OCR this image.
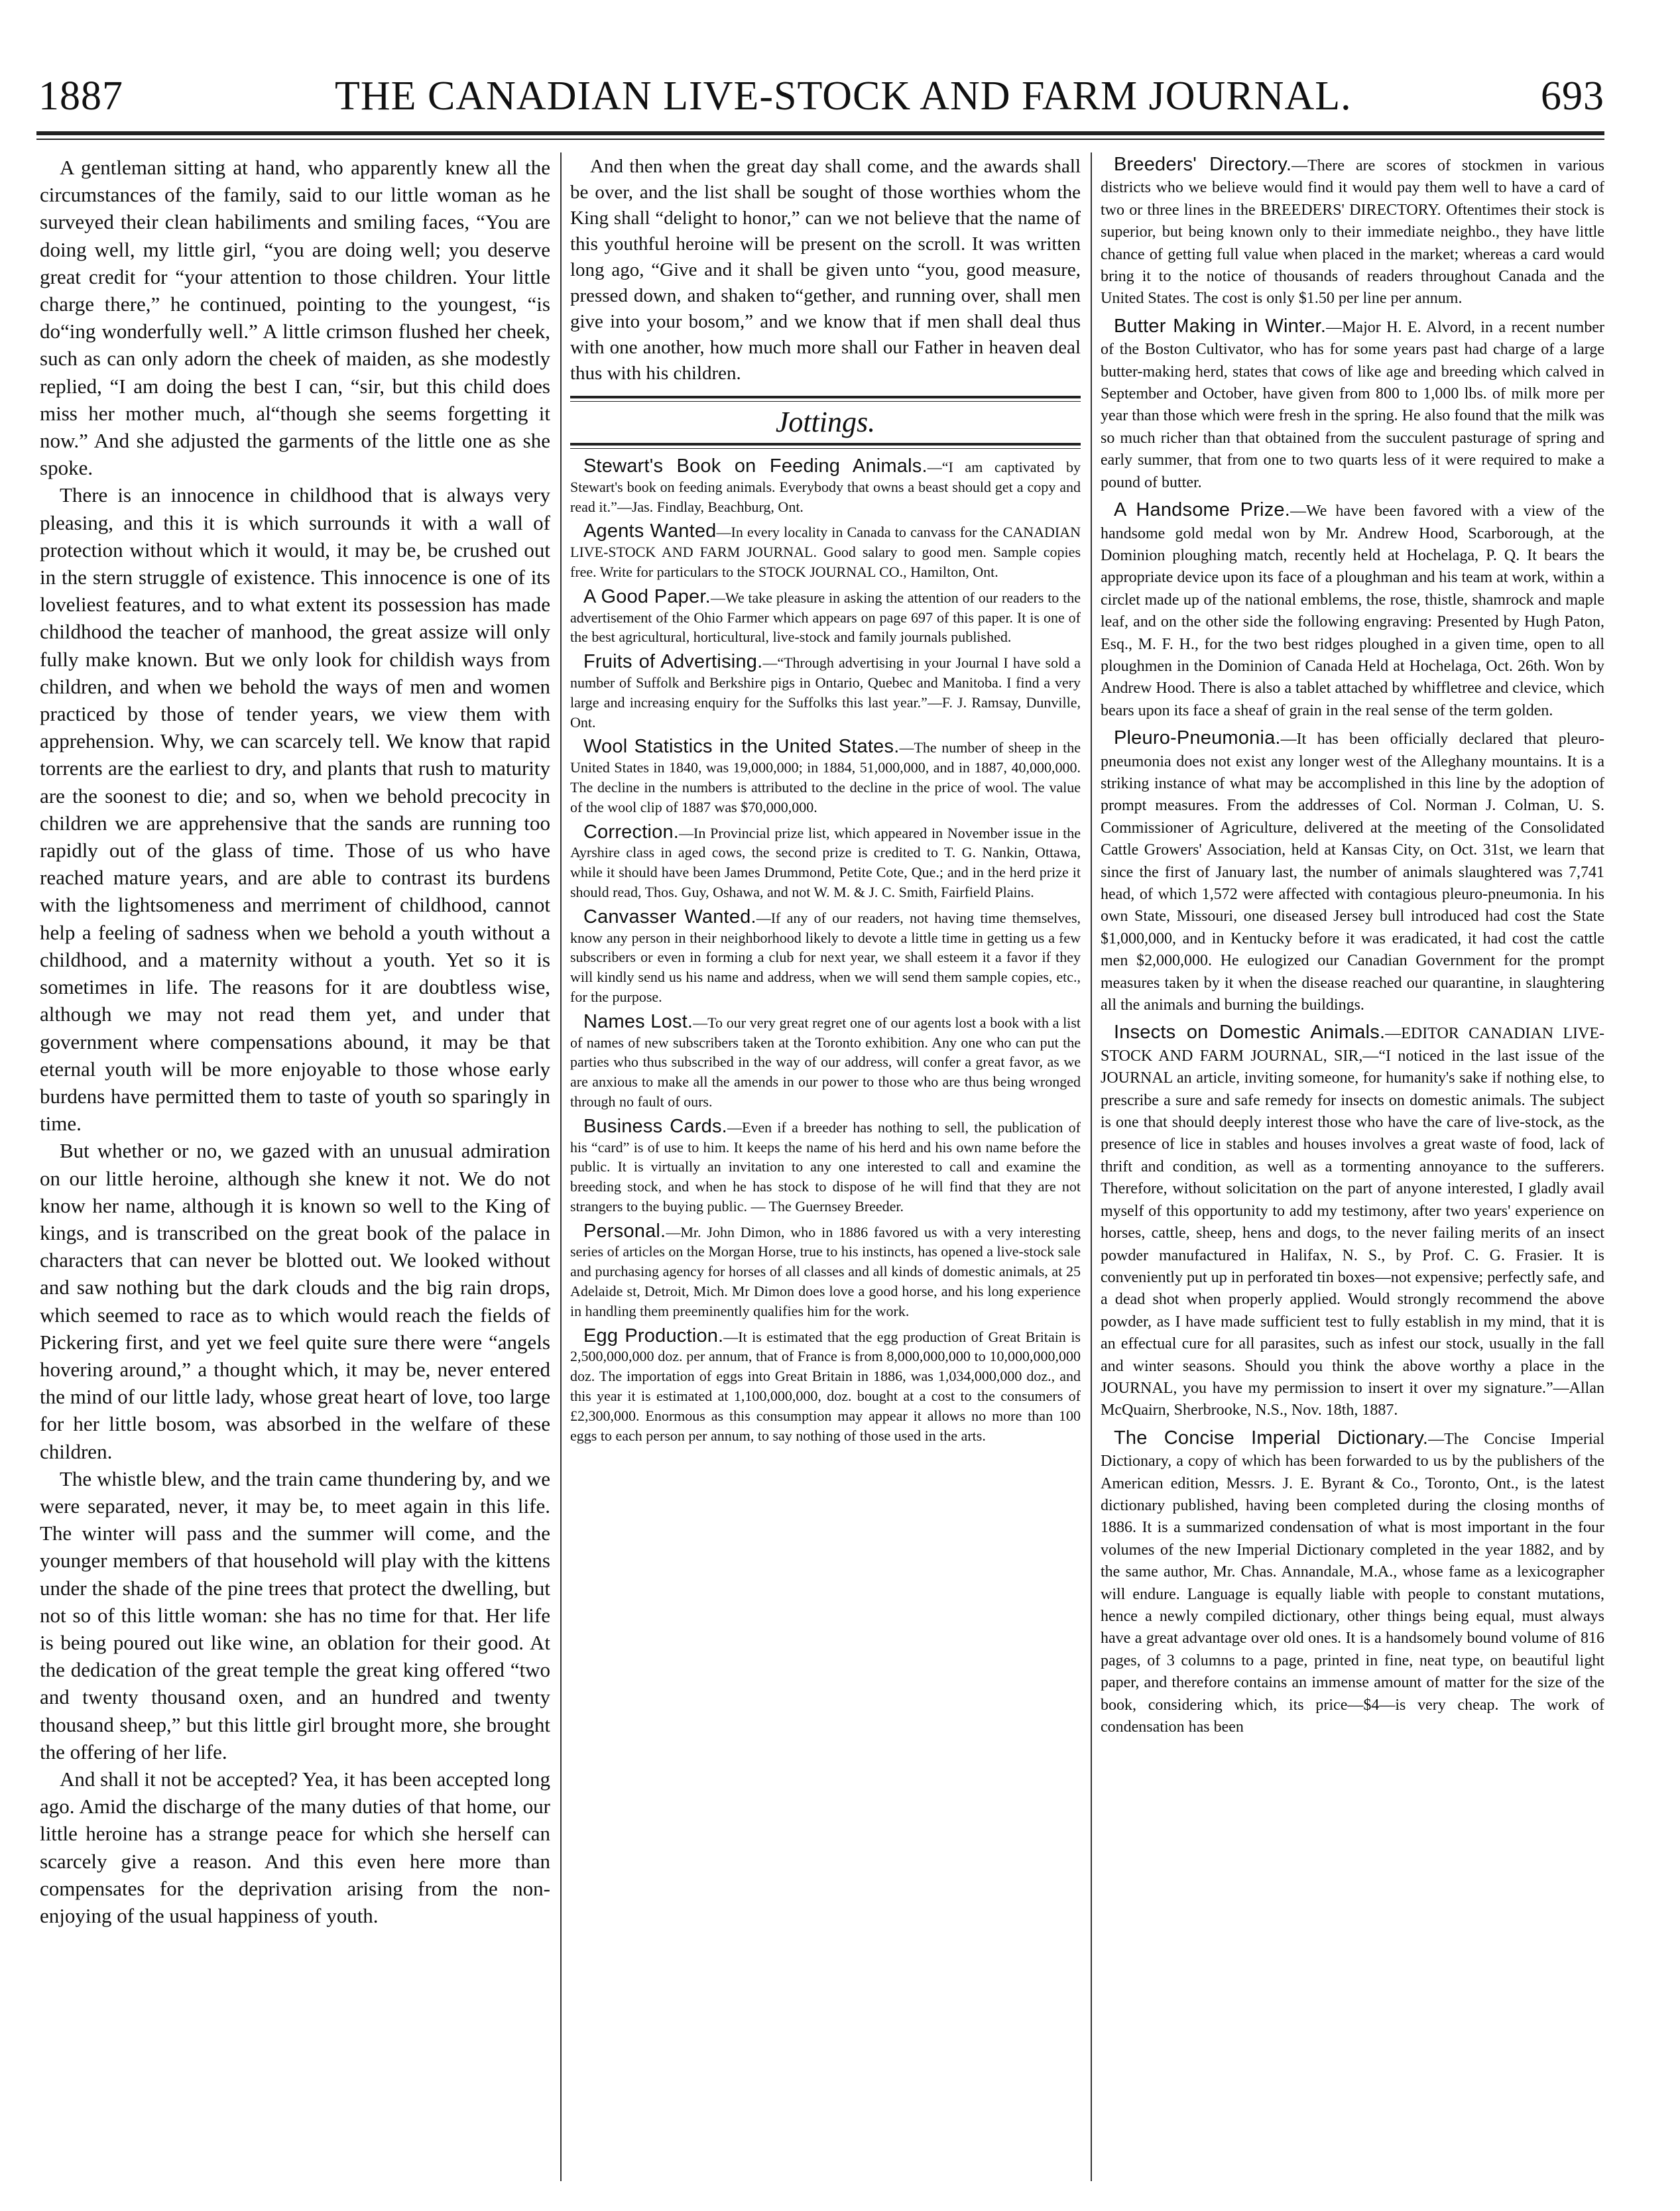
1887	THE CANADIAN LIVE-STOCK AND FARM JOURNAL.	693

A gentleman sitting at hand, who apparently knew all the circumstances of the family, said to our little woman as he surveyed their clean habiliments and smiling faces, “You are doing well, my little girl, “you are doing well; you deserve great credit for “your attention to those children. Your little charge there,” he continued, pointing to the youngest, “is do“ing wonderfully well.” A little crimson flushed her cheek, such as can only adorn the cheek of maiden, as she modestly replied, “I am doing the best I can, “sir, but this child does miss her mother much, al“though she seems forgetting it now.” And she adjusted the garments of the little one as she spoke.

There is an innocence in childhood that is always very pleasing, and this it is which surrounds it with a wall of protection without which it would, it may be, be crushed out in the stern struggle of existence. This innocence is one of its loveliest features, and to what extent its possession has made childhood the teacher of manhood, the great assize will only fully make known. But we only look for childish ways from children, and when we behold the ways of men and women practiced by those of tender years, we view them with apprehension. Why, we can scarcely tell. We know that rapid torrents are the earliest to dry, and plants that rush to maturity are the soonest to die; and so, when we behold precocity in children we are apprehensive that the sands are running too rapidly out of the glass of time. Those of us who have reached mature years, and are able to contrast its burdens with the lightsomeness and merriment of childhood, cannot help a feeling of sadness when we behold a youth without a childhood, and a maternity without a youth. Yet so it is sometimes in life. The reasons for it are doubtless wise, although we may not read them yet, and under that government where compensations abound, it may be that eternal youth will be more enjoyable to those whose early burdens have permitted them to taste of youth so sparingly in time.

But whether or no, we gazed with an unusual admiration on our little heroine, although she knew it not. We do not know her name, although it is known so well to the King of kings, and is transcribed on the great book of the palace in characters that can never be blotted out. We looked without and saw nothing but the dark clouds and the big rain drops, which seemed to race as to which would reach the fields of Pickering first, and yet we feel quite sure there were “angels hovering around,” a thought which, it may be, never entered the mind of our little lady, whose great heart of love, too large for her little bosom, was absorbed in the welfare of these children.

The whistle blew, and the train came thundering by, and we were separated, never, it may be, to meet again in this life. The winter will pass and the summer will come, and the younger members of that household will play with the kittens under the shade of the pine trees that protect the dwelling, but not so of this little woman: she has no time for that. Her life is being poured out like wine, an oblation for their good. At the dedication of the great temple the great king offered “two and twenty thousand oxen, and an hundred and twenty thousand sheep,” but this little girl brought more, she brought the offering of her life.

And shall it not be accepted? Yea, it has been accepted long ago. Amid the discharge of the many duties of that home, our little heroine has a strange peace for which she herself can scarcely give a reason. And this even here more than compensates for the deprivation arising from the non-enjoying of the usual happiness of youth.

And then when the great day shall come, and the awards shall be over, and the list shall be sought of those worthies whom the King shall “delight to honor,” can we not believe that the name of this youthful heroine will be present on the scroll. It was written long ago, “Give and it shall be given unto “you, good measure, pressed down, and shaken to“gether, and running over, shall men give into your bosom,” and we know that if men shall deal thus with one another, how much more shall our Father in heaven deal thus with his children.

Jottings.

Stewart's Book on Feeding Animals.—“I am captivated by Stewart's book on feeding animals. Everybody that owns a beast should get a copy and read it.”—Jas. Findlay, Beachburg, Ont.

Agents Wanted—In every locality in Canada to canvass for the CANADIAN LIVE-STOCK AND FARM JOURNAL. Good salary to good men. Sample copies free. Write for particulars to the STOCK JOURNAL CO., Hamilton, Ont.

A Good Paper.—We take pleasure in asking the attention of our readers to the advertisement of the Ohio Farmer which appears on page 697 of this paper. It is one of the best agricultural, horticultural, live-stock and family journals published.

Fruits of Advertising.—“Through advertising in your Journal I have sold a number of Suffolk and Berkshire pigs in Ontario, Quebec and Manitoba. I find a very large and increasing enquiry for the Suffolks this last year.”—F. J. Ramsay, Dunville, Ont.

Wool Statistics in the United States.—The number of sheep in the United States in 1840, was 19,000,000; in 1884, 51,000,000, and in 1887, 40,000,000. The decline in the numbers is attributed to the decline in the price of wool. The value of the wool clip of 1887 was $70,000,000.

Correction.—In Provincial prize list, which appeared in November issue in the Ayrshire class in aged cows, the second prize is credited to T. G. Nankin, Ottawa, while it should have been James Drummond, Petite Cote, Que.; and in the herd prize it should read, Thos. Guy, Oshawa, and not W. M. & J. C. Smith, Fairfield Plains.

Canvasser Wanted.—If any of our readers, not having time themselves, know any person in their neighborhood likely to devote a little time in getting us a few subscribers or even in forming a club for next year, we shall esteem it a favor if they will kindly send us his name and address, when we will send them sample copies, etc., for the purpose.

Names Lost.—To our very great regret one of our agents lost a book with a list of names of new subscribers taken at the Toronto exhibition. Any one who can put the parties who thus subscribed in the way of our address, will confer a great favor, as we are anxious to make all the amends in our power to those who are thus being wronged through no fault of ours.

Business Cards.—Even if a breeder has nothing to sell, the publication of his “card” is of use to him. It keeps the name of his herd and his own name before the public. It is virtually an invitation to any one interested to call and examine the breeding stock, and when he has stock to dispose of he will find that they are not strangers to the buying public. — The Guernsey Breeder.

Personal.—Mr. John Dimon, who in 1886 favored us with a very interesting series of articles on the Morgan Horse, true to his instincts, has opened a live-stock sale and purchasing agency for horses of all classes and all kinds of domestic animals, at 25 Adelaide st, Detroit, Mich. Mr Dimon does love a good horse, and his long experience in handling them preeminently qualifies him for the work.

Egg Production.—It is estimated that the egg production of Great Britain is 2,500,000,000 doz. per annum, that of France is from 8,000,000,000 to 10,000,000,000 doz. The importation of eggs into Great Britain in 1886, was 1,034,000,000 doz., and this year it is estimated at 1,100,000,000, doz. bought at a cost to the consumers of £2,300,000. Enormous as this consumption may appear it allows no more than 100 eggs to each person per annum, to say nothing of those used in the arts.

Breeders' Directory.—There are scores of stockmen in various districts who we believe would find it would pay them well to have a card of two or three lines in the BREEDERS' DIRECTORY. Oftentimes their stock is superior, but being known only to their immediate neighbo., they have little chance of getting full value when placed in the market; whereas a card would bring it to the notice of thousands of readers throughout Canada and the United States. The cost is only $1.50 per line per annum.

Butter Making in Winter.—Major H. E. Alvord, in a recent number of the Boston Cultivator, who has for some years past had charge of a large butter-making herd, states that cows of like age and breeding which calved in September and October, have given from 800 to 1,000 lbs. of milk more per year than those which were fresh in the spring. He also found that the milk was so much richer than that obtained from the succulent pasturage of spring and early summer, that from one to two quarts less of it were required to make a pound of butter.

A Handsome Prize.—We have been favored with a view of the handsome gold medal won by Mr. Andrew Hood, Scarborough, at the Dominion ploughing match, recently held at Hochelaga, P. Q. It bears the appropriate device upon its face of a ploughman and his team at work, within a circlet made up of the national emblems, the rose, thistle, shamrock and maple leaf, and on the other side the following engraving: Presented by Hugh Paton, Esq., M. F. H., for the two best ridges ploughed in a given time, open to all ploughmen in the Dominion of Canada Held at Hochelaga, Oct. 26th. Won by Andrew Hood. There is also a tablet attached by whiffletree and clevice, which bears upon its face a sheaf of grain in the real sense of the term golden.

Pleuro-Pneumonia.—It has been officially declared that pleuro-pneumonia does not exist any longer west of the Alleghany mountains. It is a striking instance of what may be accomplished in this line by the adoption of prompt measures. From the addresses of Col. Norman J. Colman, U. S. Commissioner of Agriculture, delivered at the meeting of the Consolidated Cattle Growers' Association, held at Kansas City, on Oct. 31st, we learn that since the first of January last, the number of animals slaughtered was 7,741 head, of which 1,572 were affected with contagious pleuro-pneumonia. In his own State, Missouri, one diseased Jersey bull introduced had cost the State $1,000,000, and in Kentucky before it was eradicated, it had cost the cattle men $2,000,000. He eulogized our Canadian Government for the prompt measures taken by it when the disease reached our quarantine, in slaughtering all the animals and burning the buildings.

Insects on Domestic Animals.—EDITOR CANADIAN LIVE-STOCK AND FARM JOURNAL, SIR,—“I noticed in the last issue of the JOURNAL an article, inviting someone, for humanity's sake if nothing else, to prescribe a sure and safe remedy for insects on domestic animals. The subject is one that should deeply interest those who have the care of live-stock, as the presence of lice in stables and houses involves a great waste of food, lack of thrift and condition, as well as a tormenting annoyance to the sufferers. Therefore, without solicitation on the part of anyone interested, I gladly avail myself of this opportunity to add my testimony, after two years' experience on horses, cattle, sheep, hens and dogs, to the never failing merits of an insect powder manufactured in Halifax, N. S., by Prof. C. G. Frasier. It is conveniently put up in perforated tin boxes—not expensive; perfectly safe, and a dead shot when properly applied. Would strongly recommend the above powder, as I have made sufficient test to fully establish in my mind, that it is an effectual cure for all parasites, such as infest our stock, usually in the fall and winter seasons. Should you think the above worthy a place in the JOURNAL, you have my permission to insert it over my signature.”—Allan McQuairn, Sherbrooke, N.S., Nov. 18th, 1887.

The Concise Imperial Dictionary.—The Concise Imperial Dictionary, a copy of which has been forwarded to us by the publishers of the American edition, Messrs. J. E. Byrant & Co., Toronto, Ont., is the latest dictionary published, having been completed during the closing months of 1886. It is a summarized condensation of what is most important in the four volumes of the new Imperial Dictionary completed in the year 1882, and by the same author, Mr. Chas. Annandale, M.A., whose fame as a lexicographer will endure. Language is equally liable with people to constant mutations, hence a newly compiled dictionary, other things being equal, must always have a great advantage over old ones. It is a handsomely bound volume of 816 pages, of 3 columns to a page, printed in fine, neat type, on beautiful light paper, and therefore contains an immense amount of matter for the size of the book, considering which, its price—$4—is very cheap. The work of condensation has been
